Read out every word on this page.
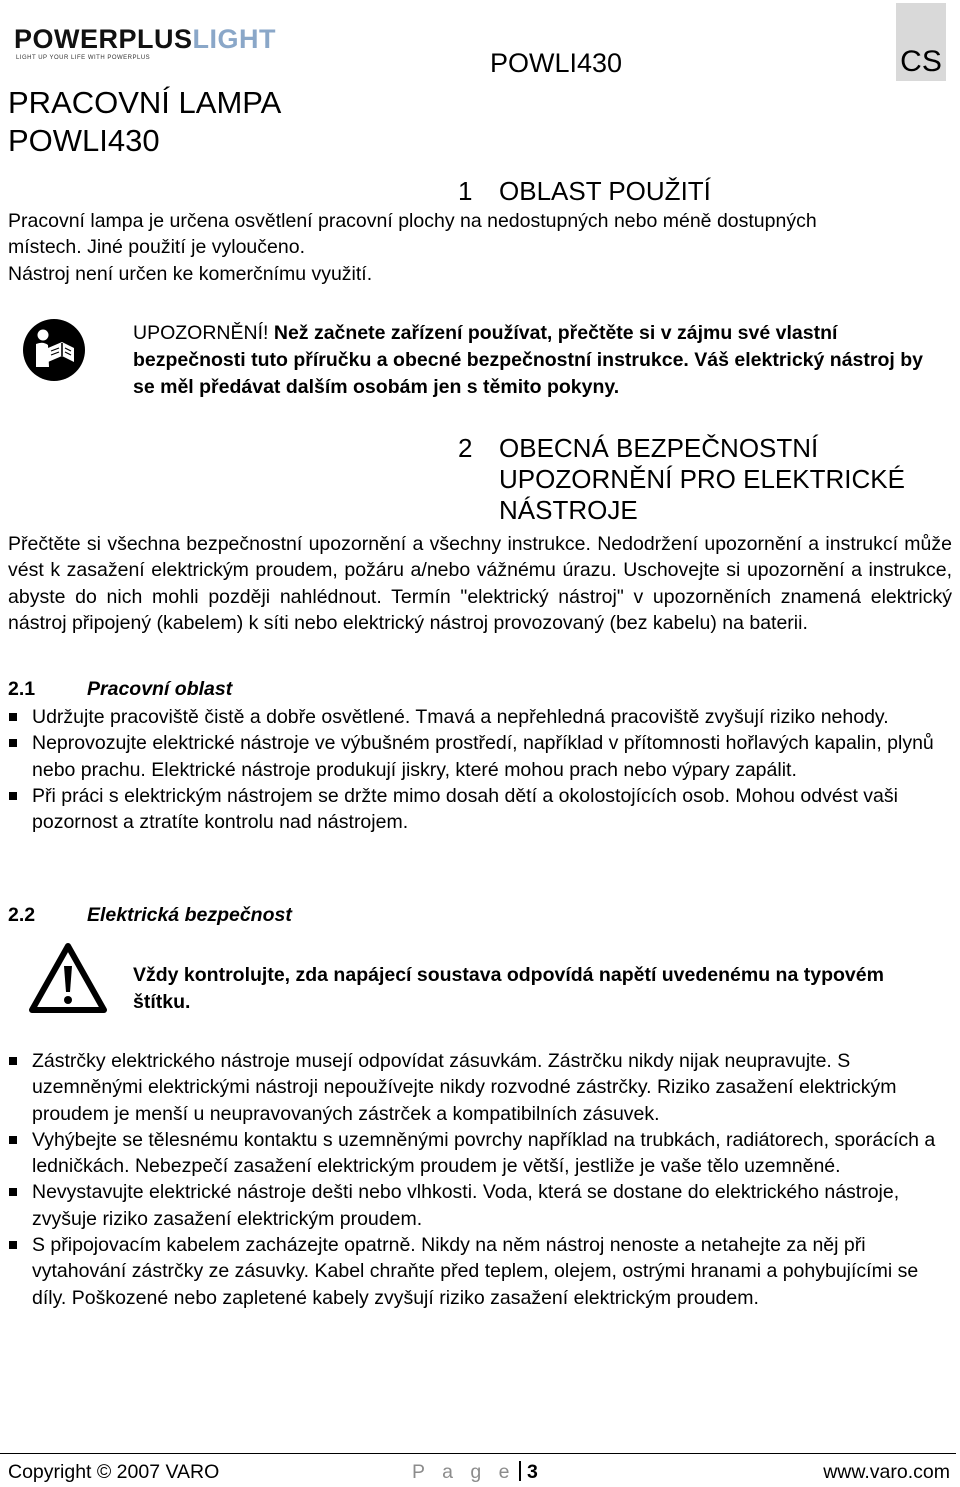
POWERPLUSLIGHT
LIGHT UP YOUR LIFE WITH POWERPLUS	POWLI430	CS
PRACOVNÍ LAMPA
POWLI430
1 OBLAST POUŽITÍ
Pracovní lampa je určena osvětlení pracovní plochy na nedostupných nebo méně dostupných
místech. Jiné použití je vyloučeno.
Nástroj není určen ke komerčnímu využití.
UPOZORNĚNÍ! Než začnete zařízení používat, přečtěte si v zájmu své vlastní bezpečnosti tuto příručku a obecné bezpečnostní instrukce. Váš elektrický nástroj by se měl předávat dalším osobám jen s těmito pokyny.
2 OBECNÁ BEZPEČNOSTNÍ UPOZORNĚNÍ PRO ELEKTRICKÉ NÁSTROJE
Přečtěte si všechna bezpečnostní upozornění a všechny instrukce. Nedodržení upozornění a instrukcí může vést k zasažení elektrickým proudem, požáru a/nebo vážnému úrazu. Uschovejte si upozornění a instrukce, abyste do nich mohli později nahlédnout. Termín "elektrický nástroj" v upozorněních znamená elektrický nástroj připojený (kabelem) k síti nebo elektrický nástroj provozovaný (bez kabelu) na baterii.
2.1	Pracovní oblast
Udržujte pracoviště čistě a dobře osvětlené. Tmavá a nepřehledná pracoviště zvyšují riziko nehody.
Neprovozujte elektrické nástroje ve výbušném prostředí, například v přítomnosti hořlavých kapalin, plynů nebo prachu. Elektrické nástroje produkují jiskry, které mohou prach nebo výpary zapálit.
Při práci s elektrickým nástrojem se držte mimo dosah dětí a okolostojících osob. Mohou odvést vaši pozornost a ztratíte kontrolu nad nástrojem.
2.2	Elektrická bezpečnost
Vždy kontrolujte, zda napájecí soustava odpovídá napětí uvedenému na typovém štítku.
Zástrčky elektrického nástroje musejí odpovídat zásuvkám. Zástrčku nikdy nijak neupravujte. S uzemněnými elektrickými nástroji nepoužívejte nikdy rozvodné zástrčky. Riziko zasažení elektrickým proudem je menší u neupravovaných zástrček a kompatibilních zásuvek.
Vyhýbejte se tělesnému kontaktu s uzemněnými povrchy například na trubkách, radiátorech, sporácích a ledničkách. Nebezpečí zasažení elektrickým proudem je větší, jestliže je vaše tělo uzemněné.
Nevystavujte elektrické nástroje dešti nebo vlhkosti. Voda, která se dostane do elektrického nástroje, zvyšuje riziko zasažení elektrickým proudem.
S připojovacím kabelem zacházejte opatrně. Nikdy na něm nástroj nenoste a netahejte za něj při vytahování zástrčky ze zásuvky. Kabel chraňte před teplem, olejem, ostrými hranami a pohybujícími se díly. Poškozené nebo zapletené kabely zvyšují riziko zasažení elektrickým proudem.
Copyright © 2007 VARO	P a g e 3	www.varo.com
